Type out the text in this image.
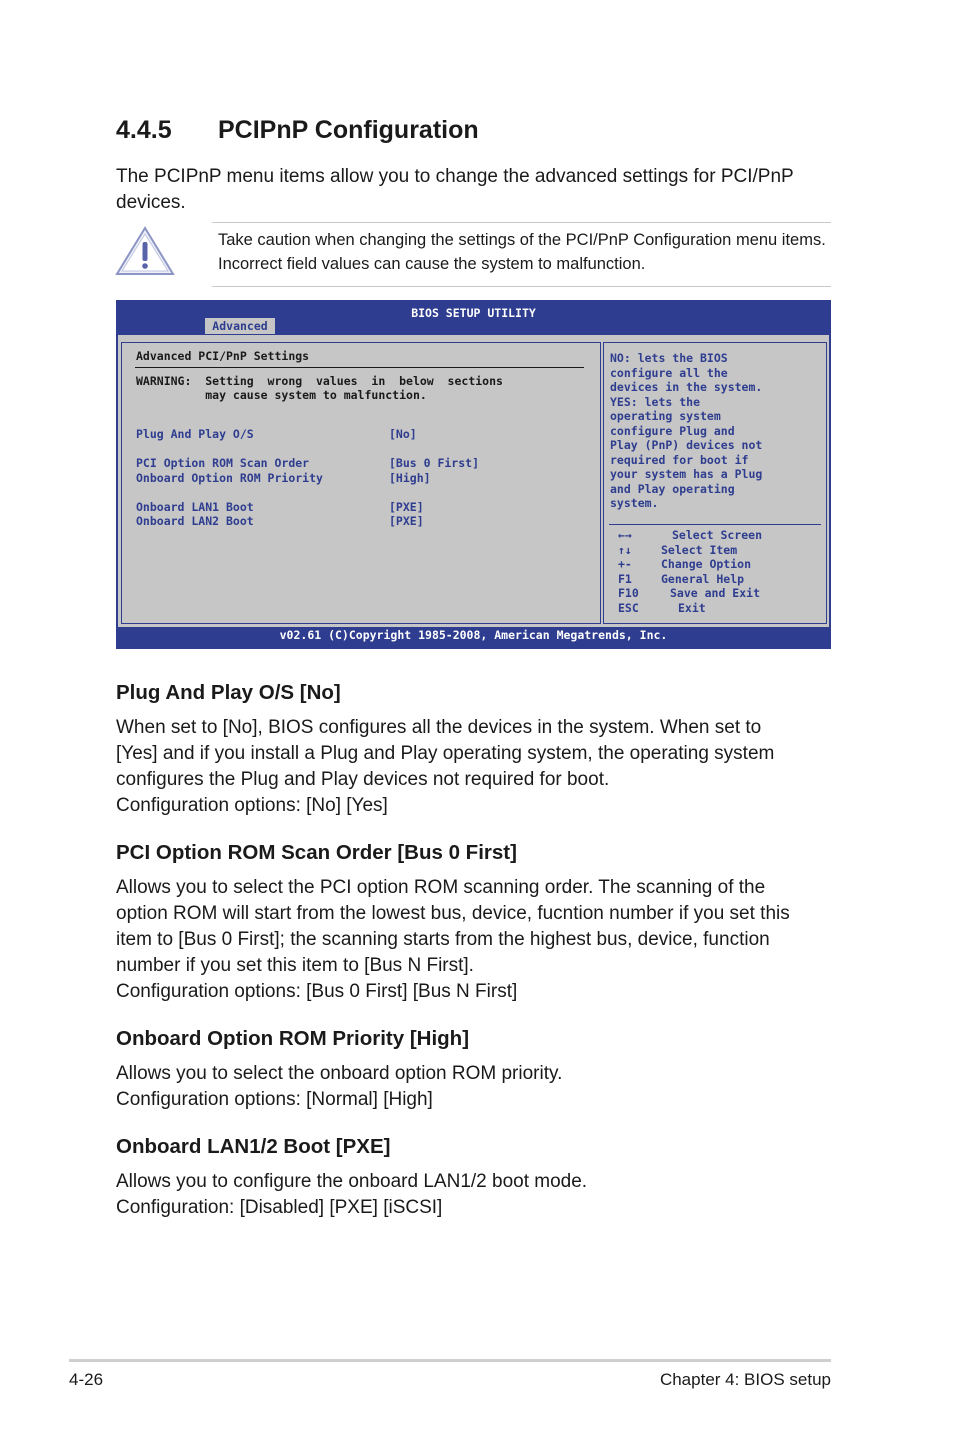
4.4.5 PCIPnP Configuration
The PCIPnP menu items allow you to change the advanced settings for PCI/PnP devices.
Take caution when changing the settings of the PCI/PnP Configuration menu items. Incorrect field values can cause the system to malfunction.
BIOS SETUP UTILITY
Advanced
Advanced PCI/PnP Settings
WARNING:  Setting  wrong  values  in  below  sections
may cause system to malfunction.
Plug And Play O/S	[No]
PCI Option ROM Scan Order	[Bus 0 First]
Onboard Option ROM Priority	[High]
Onboard LAN1 Boot	[PXE]
Onboard LAN2 Boot	[PXE]
NO: lets the BIOS
configure all the
devices in the system.
YES: lets the
operating system
configure Plug and
Play (PnP) devices not
required for boot if
your system has a Plug
and Play operating
system.
←→	Select Screen
↑↓	Select Item
+-	Change Option
F1	General Help
F10	Save and Exit
ESC	Exit
v02.61 (C)Copyright 1985-2008, American Megatrends, Inc.
Plug And Play O/S [No]
When set to [No], BIOS configures all the devices in the system. When set to
[Yes] and if you install a Plug and Play operating system, the operating system
configures the Plug and Play devices not required for boot.
Configuration options: [No] [Yes]
PCI Option ROM Scan Order [Bus 0 First]
Allows you to select the PCI option ROM scanning order. The scanning of the
option ROM will start from the lowest bus, device, fucntion number if you set this
item to [Bus 0 First]; the scanning starts from the highest bus, device, function
number if you set this item to [Bus N First].
Configuration options: [Bus 0 First] [Bus N First]
Onboard Option ROM Priority [High]
Allows you to select the onboard option ROM priority.
Configuration options: [Normal] [High]
Onboard LAN1/2 Boot [PXE]
Allows you to configure the onboard LAN1/2 boot mode.
Configuration: [Disabled] [PXE] [iSCSI]
4-26	Chapter 4: BIOS setup
